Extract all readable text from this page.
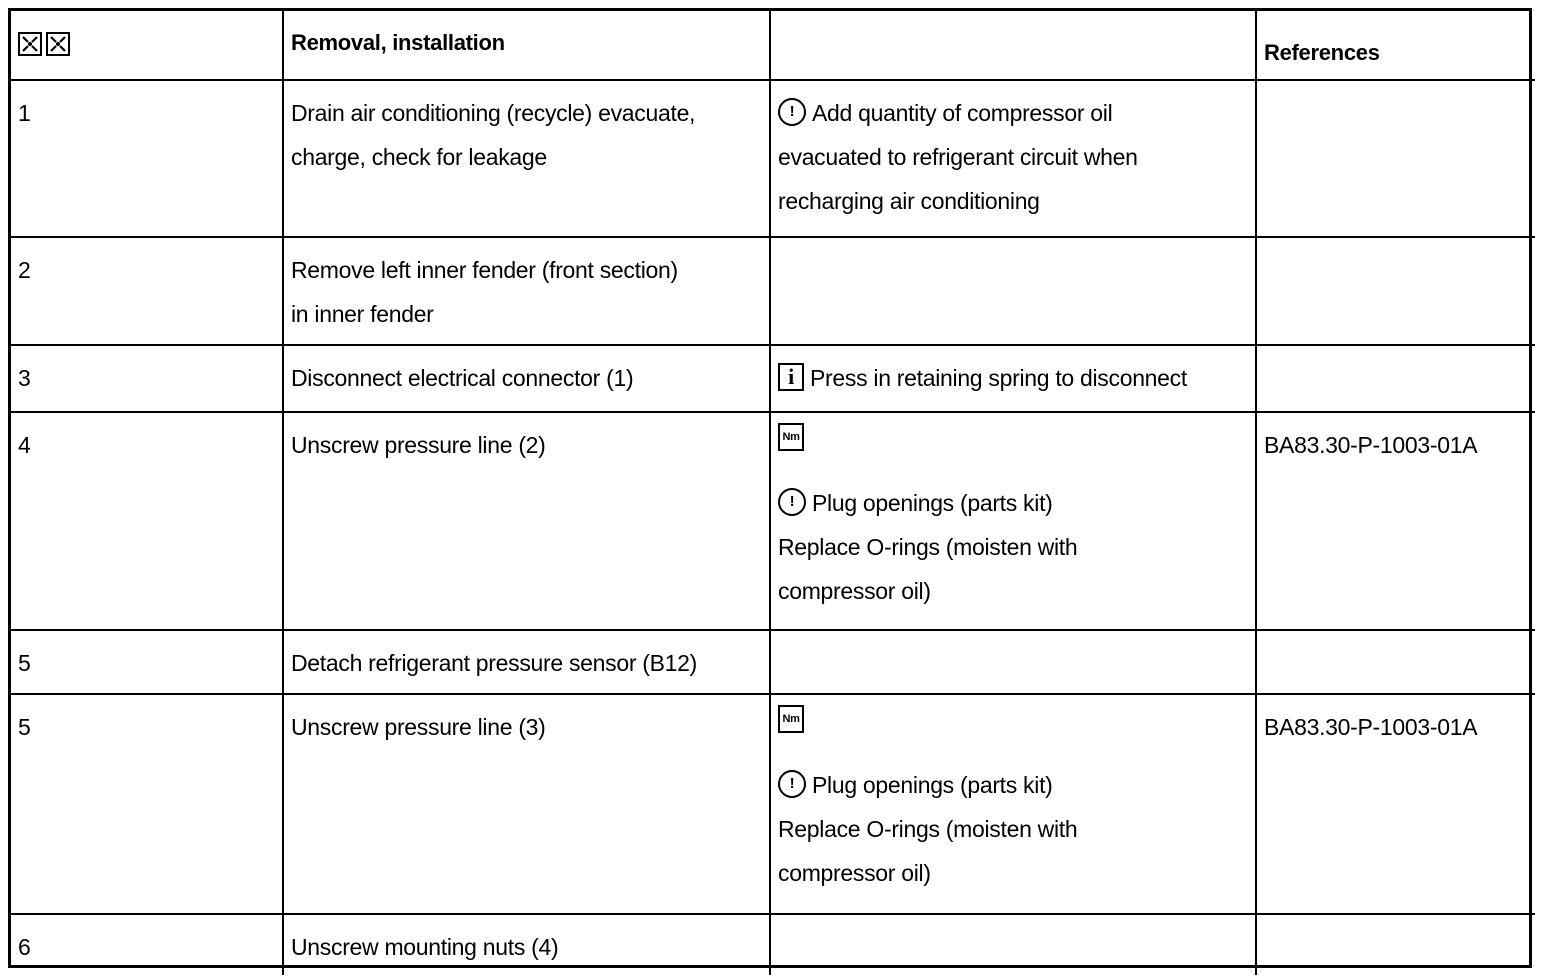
	Removal, installation		References
1	Drain air conditioning (recycle) evacuate,
charge, check for leakage	! Add quantity of compressor oil
evacuated to refrigerant circuit when
recharging air conditioning	

2	Remove left inner fender (front section)
in inner fender		

3	Disconnect electrical connector (1)	i Press in retaining spring to disconnect	

4	Unscrew pressure line (2)	Nm
! Plug openings (parts kit)
Replace O-rings (moisten with
compressor oil)	BA83.30-P-1003-01A
5	Detach refrigerant pressure sensor (B12)		

5	Unscrew pressure line (3)	Nm
! Plug openings (parts kit)
Replace O-rings (moisten with
compressor oil)	BA83.30-P-1003-01A
6	Unscrew mounting nuts (4)		
